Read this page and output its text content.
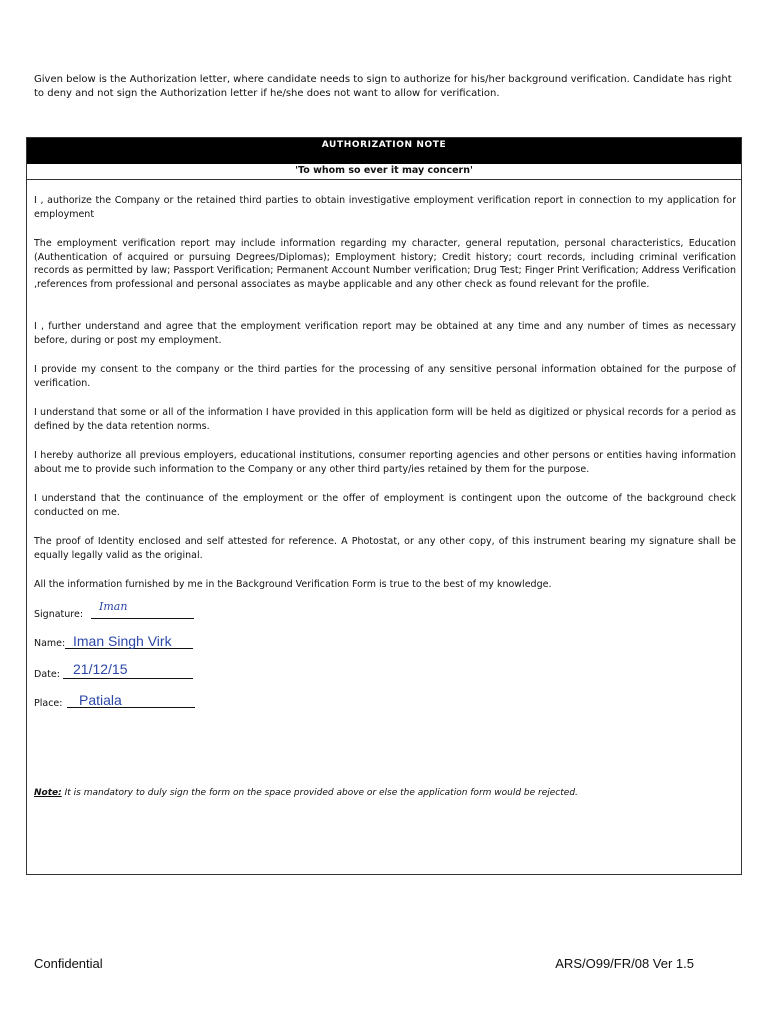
Given below is the Authorization letter, where candidate needs to sign to authorize for his/her background verification. Candidate has right to deny and not sign the Authorization letter if he/she does not want to allow for verification.
AUTHORIZATION NOTE
'To whom so ever it may concern'

I , authorize the Company or the retained third parties to obtain investigative employment verification report in connection to my application for employment

The employment verification report may include information regarding my character, general reputation, personal characteristics, Education (Authentication of acquired or pursuing Degrees/Diplomas); Employment history; Credit history; court records, including criminal verification records as permitted by law; Passport Verification; Permanent Account Number verification; Drug Test; Finger Print Verification; Address Verification ,references from professional and personal associates as maybe applicable and any other check as found relevant for the profile.

I , further understand and agree that the employment verification report may be obtained at any time and any number of times as necessary before, during or post my employment.

I provide my consent to the company or the third parties for the processing of any sensitive personal information obtained for the purpose of verification.

I understand that some or all of the information I have provided in this application form will be held as digitized or physical records for a period as defined by the data retention norms.

I hereby authorize all previous employers, educational institutions, consumer reporting agencies and other persons or entities having information about me to provide such information to the Company or any other third party/ies retained by them for the purpose.

I understand that the continuance of the employment or the offer of employment is contingent upon the outcome of the background check conducted on me.

The proof of Identity enclosed and self attested for reference. A Photostat, or any other copy, of this instrument bearing my signature shall be equally legally valid as the original.

All the information furnished by me in the Background Verification Form is true to the best of my knowledge.

Signature:
Iman
Name: Iman Singh Virk
Date: 21/12/15
Place: Patiala
Note: It is mandatory to duly sign the form on the space provided above or else the application form would be rejected.
Confidential	ARS/O99/FR/08 Ver 1.5
